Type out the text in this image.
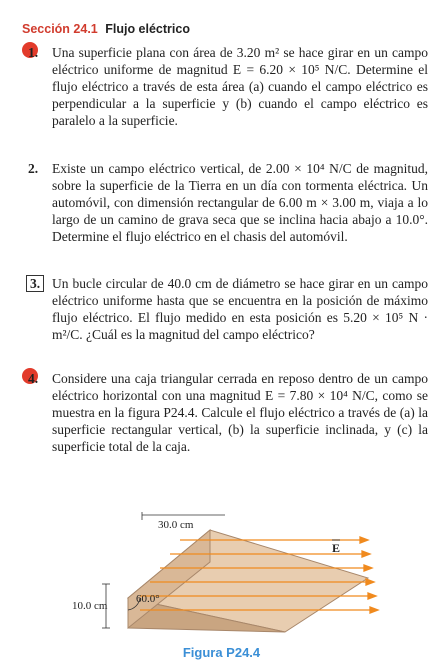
Sección 24.1 Flujo eléctrico
1. Una superficie plana con área de 3.20 m² se hace girar en un campo eléctrico uniforme de magnitud E = 6.20 × 10⁵ N/C. Determine el flujo eléctrico a través de esta área (a) cuando el campo eléctrico es perpendicular a la superficie y (b) cuando el campo eléctrico es paralelo a la superficie.
2. Existe un campo eléctrico vertical, de 2.00 × 10⁴ N/C de magnitud, sobre la superficie de la Tierra en un día con tormenta eléctrica. Un automóvil, con dimensión rectangular de 6.00 m × 3.00 m, viaja a lo largo de un camino de grava seca que se inclina hacia abajo a 10.0°. Determine el flujo eléctrico en el chasis del automóvil.
3. Un bucle circular de 40.0 cm de diámetro se hace girar en un campo eléctrico uniforme hasta que se encuentra en la posición de máximo flujo eléctrico. El flujo medido en esta posición es 5.20 × 10⁵ N · m²/C. ¿Cuál es la magnitud del campo eléctrico?
4. Considere una caja triangular cerrada en reposo dentro de un campo eléctrico horizontal con una magnitud E = 7.80 × 10⁴ N/C, como se muestra en la figura P24.4. Calcule el flujo eléctrico a través de (a) la superficie rectangular vertical, (b) la superficie inclinada, y (c) la superficie total de la caja.
30.0 cm
10.0 cm
60.0°
E
Figura P24.4
